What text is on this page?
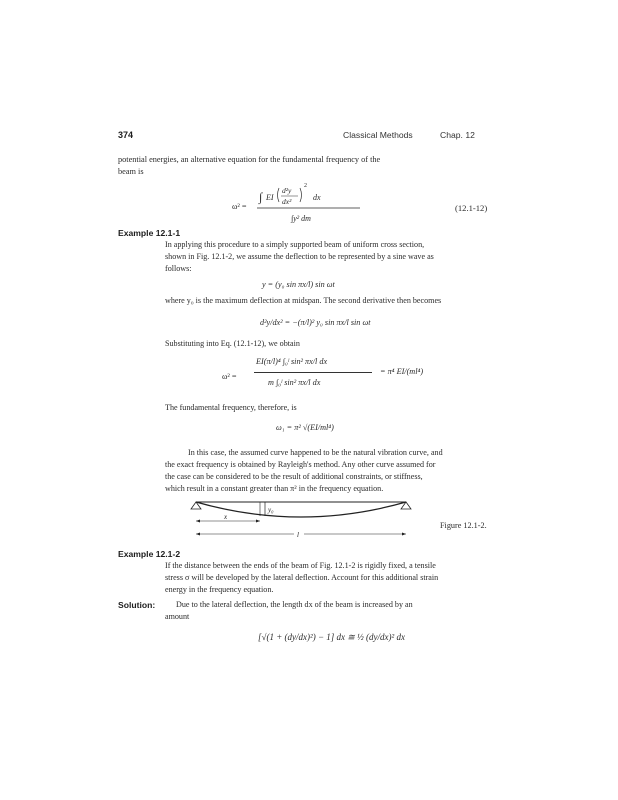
374	Classical Methods	Chap. 12
potential energies, an alternative equation for the fundamental frequency of the
beam is
ω² =
∫ EI
d²y
dx²
2
dx
∫y² dm
(12.1-12)
Example 12.1-1
In applying this procedure to a simply supported beam of uniform cross section,
shown in Fig. 12.1-2, we assume the deflection to be represented by a sine wave as
follows:
y = (y₀ sin πx/l) sin ωt
where y₀ is the maximum deflection at midspan. The second derivative then becomes
d²y/dx² = −(π/l)² y₀ sin πx/l sin ωt
Substituting into Eq. (12.1-12), we obtain
ω² =
EI(π/l)⁴ ∫₀ˡ sin² πx/l dx
m ∫₀ˡ sin² πx/l dx
= π⁴ EI/(ml⁴)
The fundamental frequency, therefore, is
ω₁ = π² √(EI/ml⁴)
In this case, the assumed curve happened to be the natural vibration curve, and
the exact frequency is obtained by Rayleigh's method. Any other curve assumed for
the case can be considered to be the result of additional constraints, or stiffness,
which result in a constant greater than π² in the frequency equation.
y₀
x
l
Figure 12.1-2.
Example 12.1-2
If the distance between the ends of the beam of Fig. 12.1-2 is rigidly fixed, a tensile
stress σ will be developed by the lateral deflection. Account for this additional strain
energy in the frequency equation.
Solution:	Due to the lateral deflection, the length dx of the beam is increased by an
amount
[√(1 + (dy/dx)²) − 1] dx ≅ ½ (dy/dx)² dx
